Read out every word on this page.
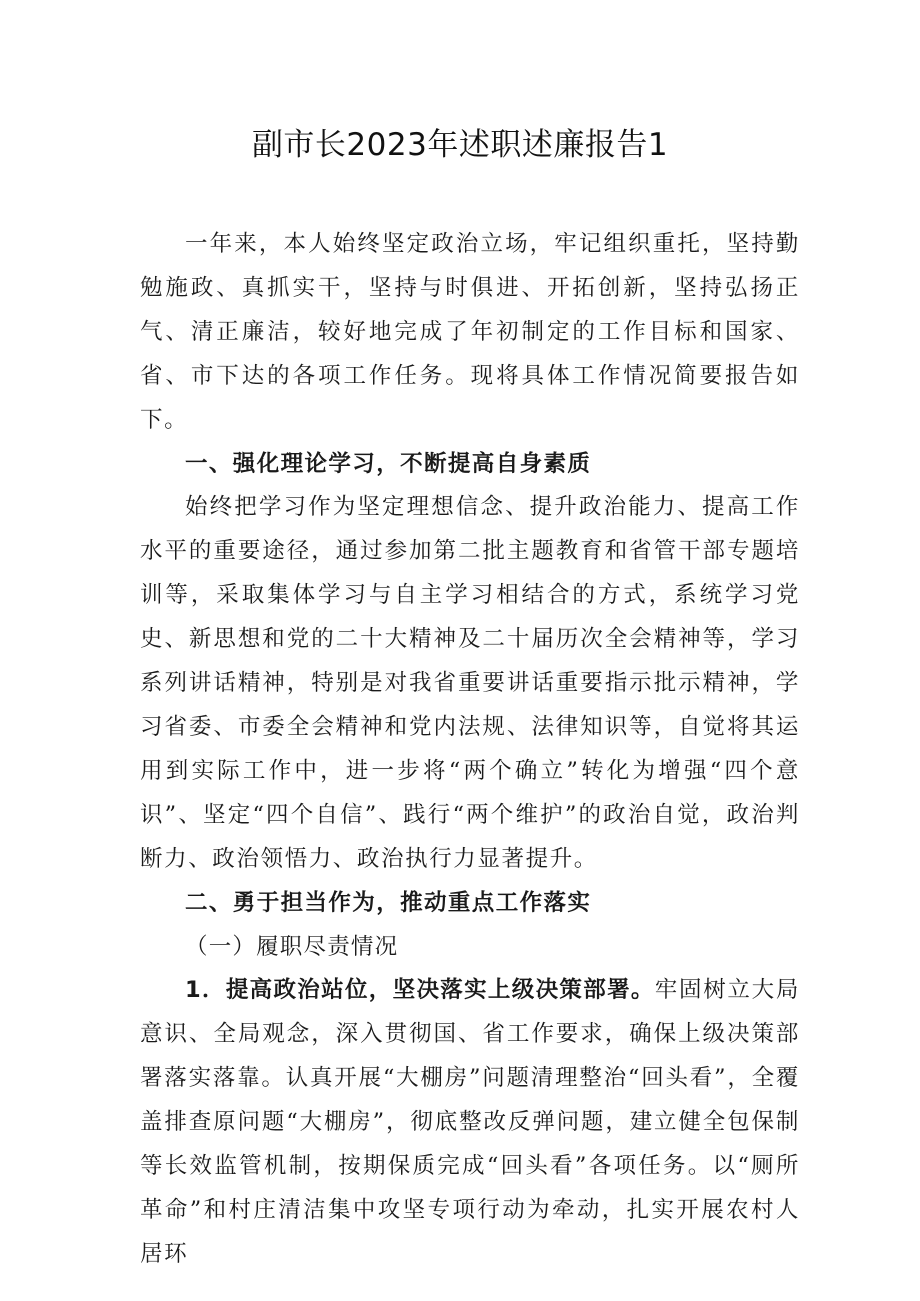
副市长2023年述职述廉报告1

一年来，本人始终坚定政治立场，牢记组织重托，坚持勤勉施政、真抓实干，坚持与时俱进、开拓创新，坚持弘扬正气、清正廉洁，较好地完成了年初制定的工作目标和国家、省、市下达的各项工作任务。现将具体工作情况简要报告如下。

一、强化理论学习，不断提高自身素质

始终把学习作为坚定理想信念、提升政治能力、提高工作水平的重要途径，通过参加第二批主题教育和省管干部专题培训等，采取集体学习与自主学习相结合的方式，系统学习党史、新思想和党的二十大精神及二十届历次全会精神等，学习系列讲话精神，特别是对我省重要讲话重要指示批示精神，学习省委、市委全会精神和党内法规、法律知识等，自觉将其运用到实际工作中，进一步将“两个确立”转化为增强“四个意识”、坚定“四个自信”、践行“两个维护”的政治自觉，政治判断力、政治领悟力、政治执行力显著提升。

二、勇于担当作为，推动重点工作落实

（一）履职尽责情况

1．提高政治站位，坚决落实上级决策部署。牢固树立大局意识、全局观念，深入贯彻国、省工作要求，确保上级决策部署落实落靠。认真开展“大棚房”问题清理整治“回头看”，全覆盖排查原问题“大棚房”，彻底整改反弹问题，建立健全包保制等长效监管机制，按期保质完成“回头看”各项任务。以“厕所革命”和村庄清洁集中攻坚专项行动为牵动，扎实开展农村人居环
